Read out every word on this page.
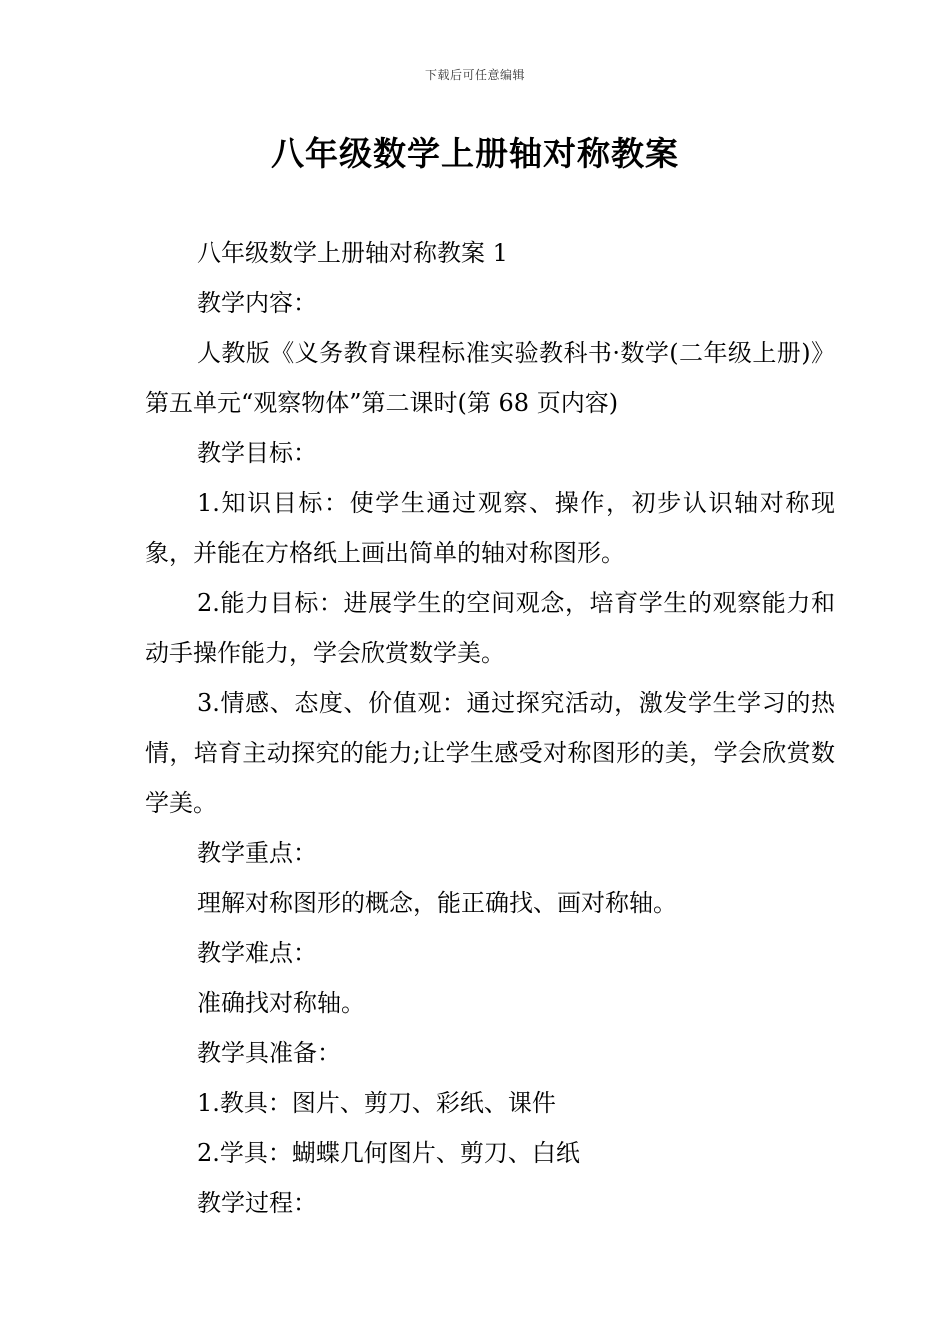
下载后可任意编辑
八年级数学上册轴对称教案

八年级数学上册轴对称教案 1

教学内容：

人教版《义务教育课程标准实验教科书·数学(二年级上册)》第五单元“观察物体”第二课时(第 68 页内容)

教学目标：

1.知识目标：使学生通过观察、操作，初步认识轴对称现象，并能在方格纸上画出简单的轴对称图形。

2.能力目标：进展学生的空间观念，培育学生的观察能力和动手操作能力，学会欣赏数学美。

3.情感、态度、价值观：通过探究活动，激发学生学习的热情，培育主动探究的能力;让学生感受对称图形的美，学会欣赏数学美。

教学重点：

理解对称图形的概念，能正确找、画对称轴。

教学难点：

准确找对称轴。

教学具准备：

1.教具：图片、剪刀、彩纸、课件

2.学具：蝴蝶几何图片、剪刀、白纸

教学过程：
